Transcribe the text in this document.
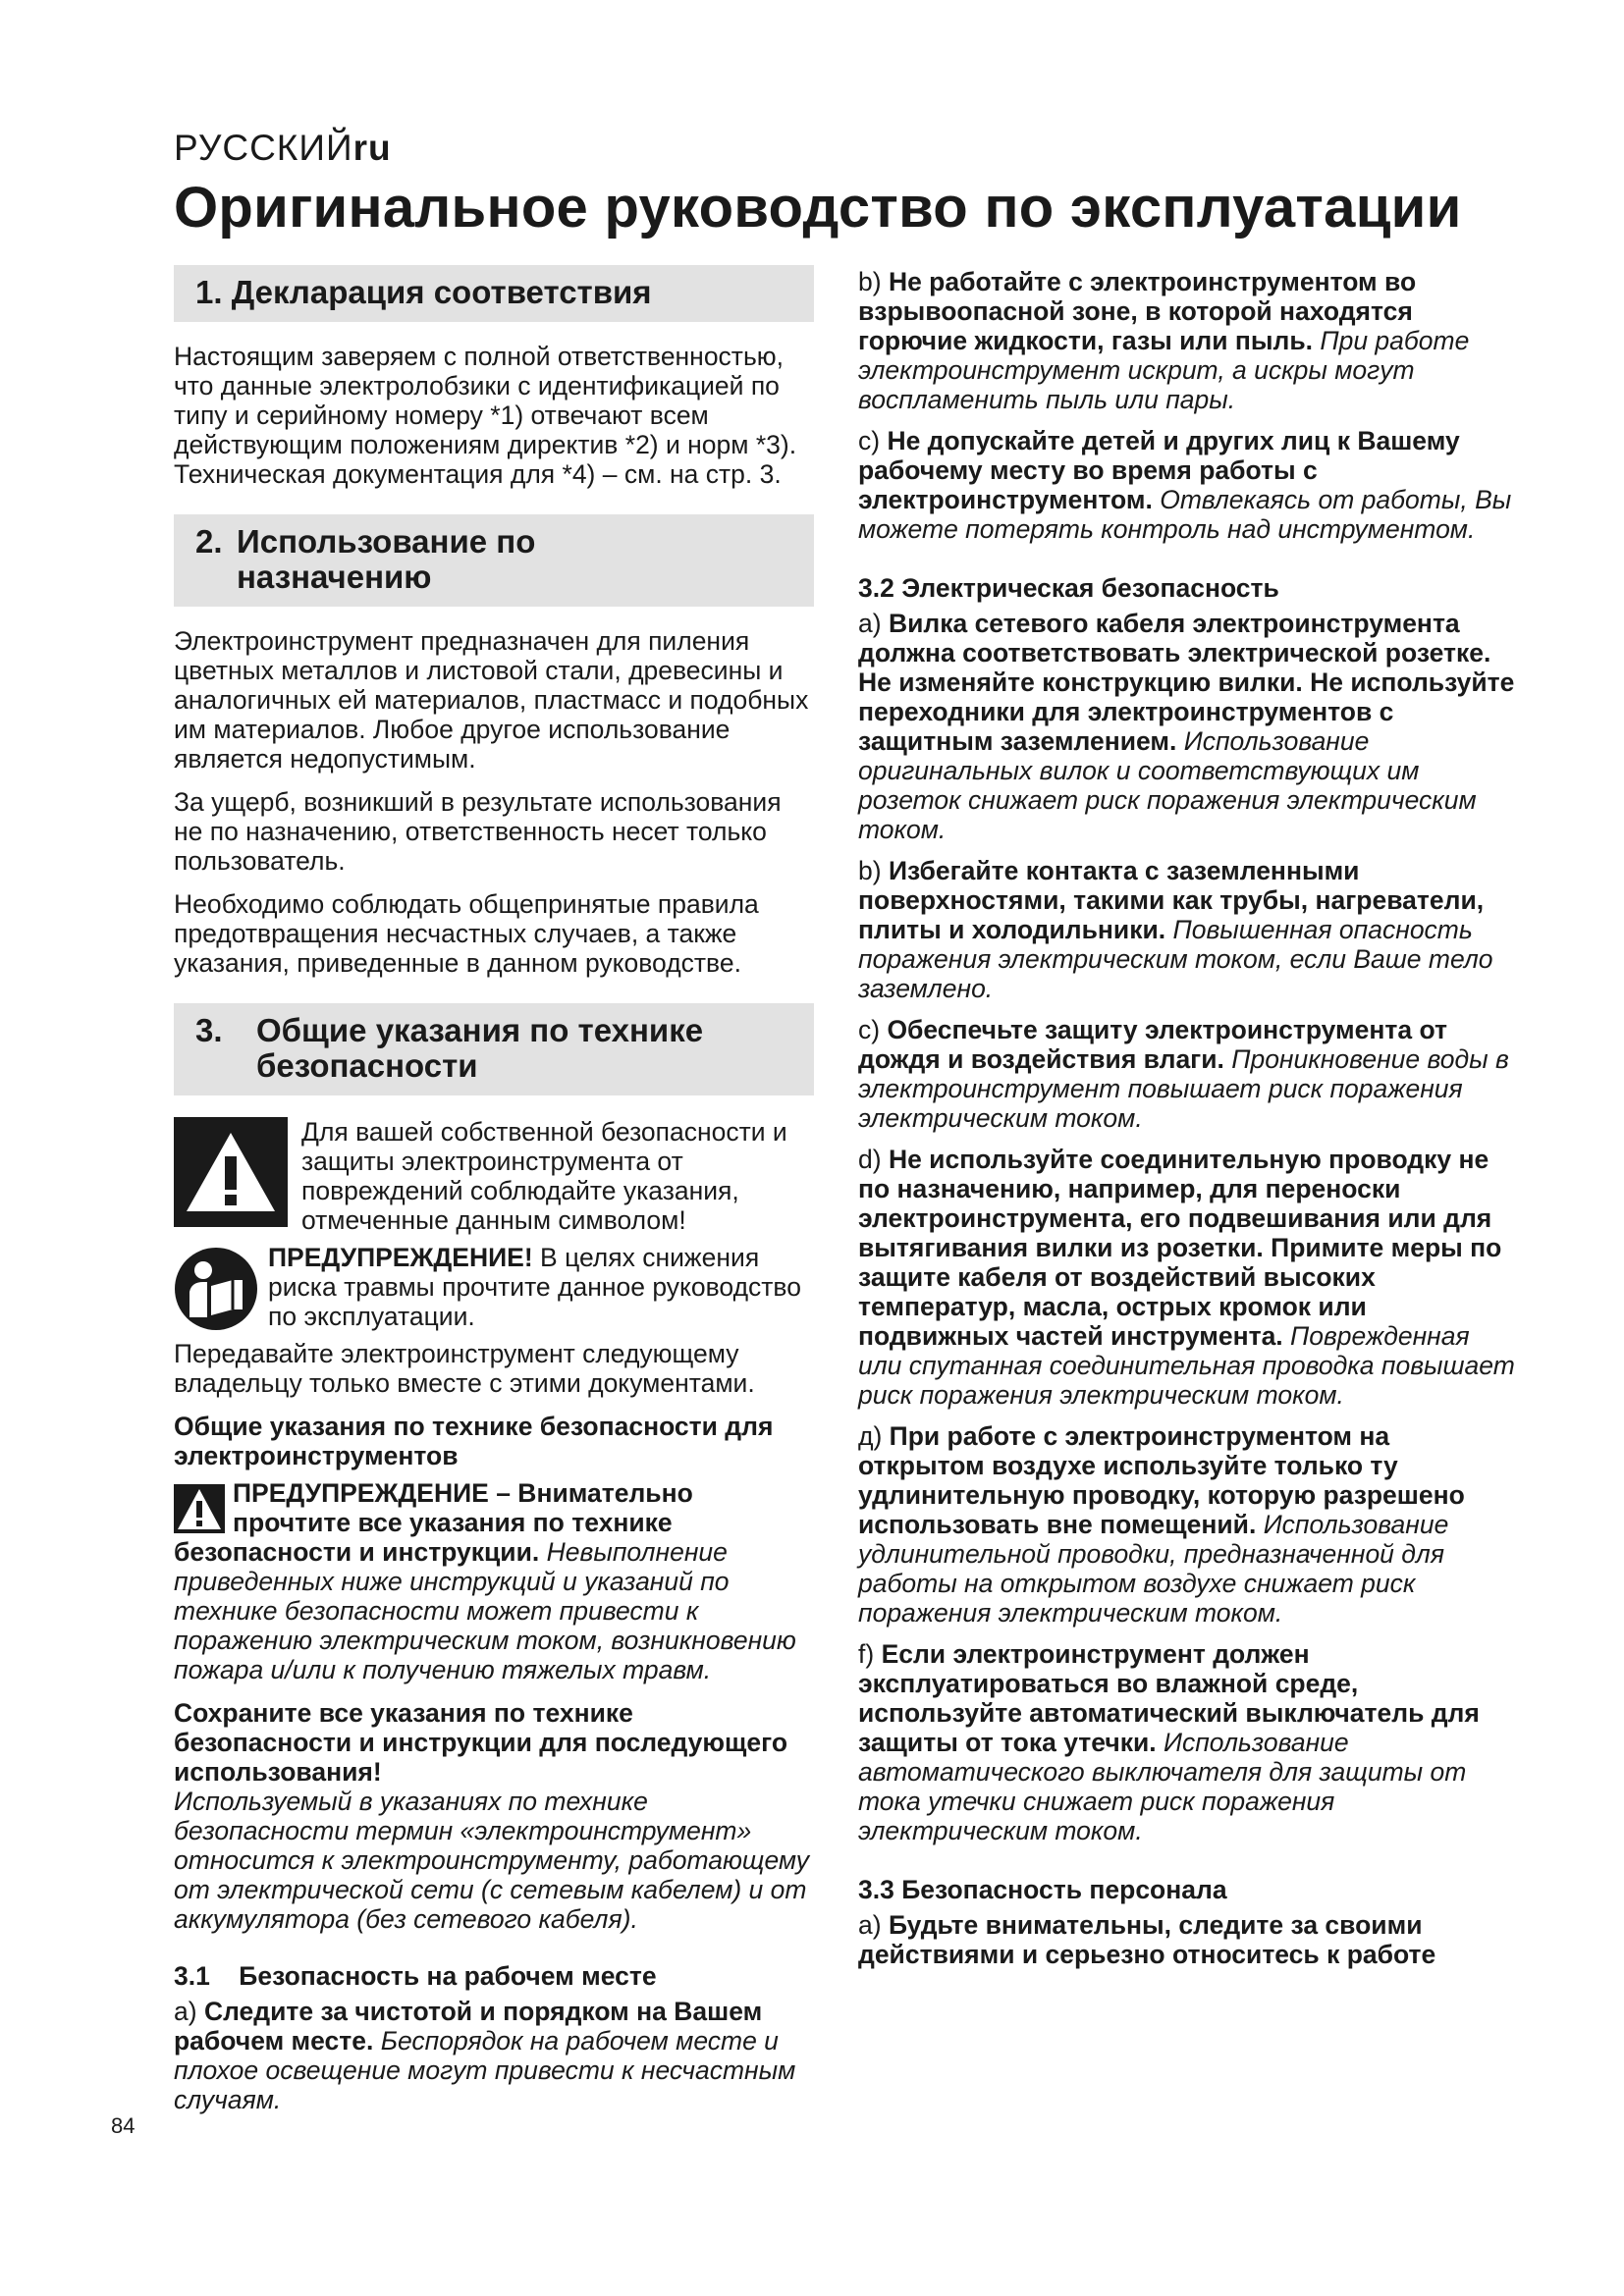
РУССКИЙru
Оригинальное руководство по эксплуатации
1. Декларация соответствия

Настоящим заверяем с полной ответственностью, что данные электролобзики с идентификацией по типу и серийному номеру *1) отвечают всем действующим положениям директив *2) и норм *3). Техническая документация для *4) – см. на стр. 3.

2. Использование по назначению

Электроинструмент предназначен для пиления цветных металлов и листовой стали, древесины и аналогичных ей материалов, пластмасс и подобных им материалов. Любое другое использование является недопустимым.

За ущерб, возникший в результате использования не по назначению, ответственность несет только пользователь.

Необходимо соблюдать общепринятые правила предотвращения несчастных случаев, а также указания, приведенные в данном руководстве.

3.	Общие указания по технике безопасности

Для вашей собственной безопасности и защиты электроинструмента от повреждений соблюдайте указания, отмеченные данным символом!

ПРЕДУПРЕЖДЕНИЕ! В целях снижения риска травмы прочтите данное руководство по эксплуатации.

Передавайте электроинструмент следующему владельцу только вместе с этими документами.

Общие указания по технике безопасности для электроинструментов

ПРЕДУПРЕЖДЕНИЕ – Внимательно прочтите все указания по технике безопасности и инструкции. Невыполнение приведенных ниже инструкций и указаний по технике безопасности может привести к поражению электрическим током, возникновению пожара и/или к получению тяжелых травм.

Сохраните все указания по технике безопасности и инструкции для последующего использования!
Используемый в указаниях по технике безопасности термин «электроинструмент» относится к электроинструменту, работающему от электрической сети (с сетевым кабелем) и от аккумулятора (без сетевого кабеля).

3.1    Безопасность на рабочем месте

a) Следите за чистотой и порядком на Вашем рабочем месте. Беспорядок на рабочем месте и плохое освещение могут привести к несчастным случаям.

b) Не работайте с электроинструментом во взрывоопасной зоне, в которой находятся горючие жидкости, газы или пыль. При работе электроинструмент искрит, а искры могут воспламенить пыль или пары.

c) Не допускайте детей и других лиц к Вашему рабочему месту во время работы с электроинструментом. Отвлекаясь от работы, Вы можете потерять контроль над инструментом.

3.2 Электрическая безопасность

a) Вилка сетевого кабеля электроинструмента должна соответствовать электрической розетке. Не изменяйте конструкцию вилки. Не используйте переходники для электроинструментов с защитным заземлением. Использование оригинальных вилок и соответствующих им розеток снижает риск поражения электрическим током.

b) Избегайте контакта с заземленными поверхностями, такими как трубы, нагреватели, плиты и холодильники. Повышенная опасность поражения электрическим током, если Ваше тело заземлено.

c) Обеспечьте защиту электроинструмента от дождя и воздействия влаги. Проникновение воды в электроинструмент повышает риск поражения электрическим током.

d) Не используйте соединительную проводку не по назначению, например, для переноски электроинструмента, его подвешивания или для вытягивания вилки из розетки. Примите меры по защите кабеля от воздействий высоких температур, масла, острых кромок или подвижных частей инструмента. Поврежденная или спутанная соединительная проводка повышает риск поражения электрическим током.

д) При работе с электроинструментом на открытом воздухе используйте только ту удлинительную проводку, которую разрешено использовать вне помещений. Использование удлинительной проводки, предназначенной для работы на открытом воздухе снижает риск поражения электрическим током.

f) Если электроинструмент должен эксплуатироваться во влажной среде, используйте автоматический выключатель для защиты от тока утечки. Использование автоматического выключателя для защиты от тока утечки снижает риск поражения электрическим током.

3.3 Безопасность персонала

a) Будьте внимательны, следите за своими действиями и серьезно относитесь к работе

84
